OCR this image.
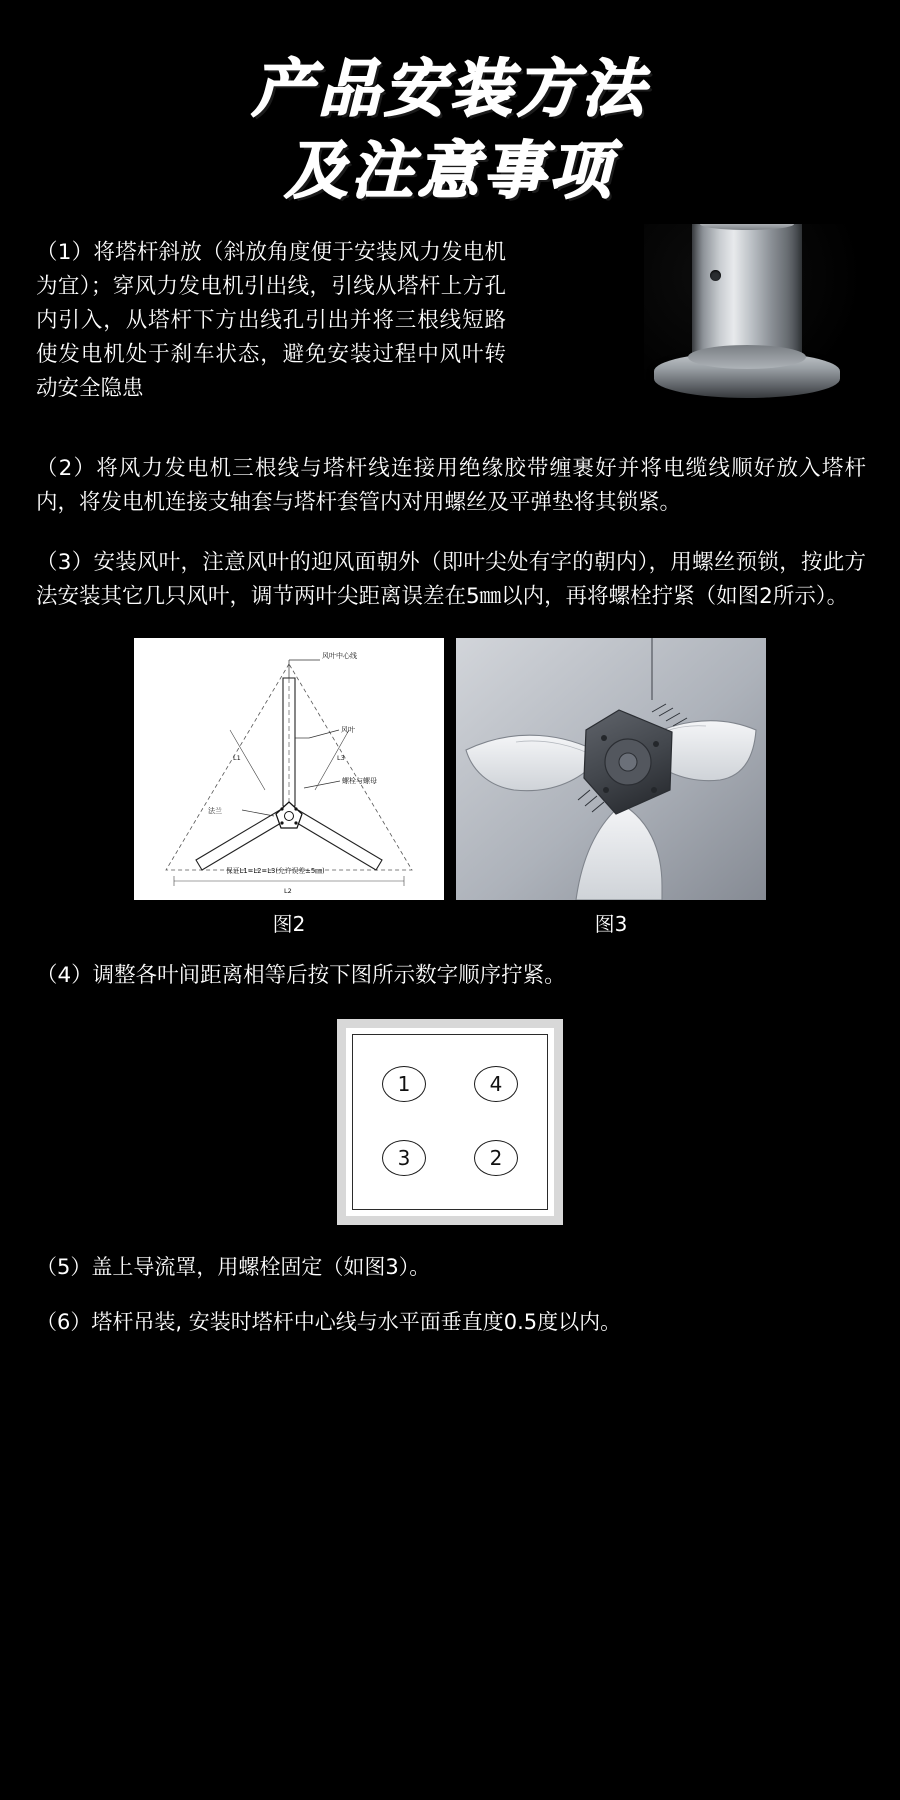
产品安装方法
及注意事项

（1）将塔杆斜放（斜放角度便于安装风力发电机为宜）；穿风力发电机引出线，引线从塔杆上方孔内引入，从塔杆下方出线孔引出并将三根线短路使发电机处于刹车状态，避免安装过程中风叶转动安全隐患

（2）将风力发电机三根线与塔杆线连接用绝缘胶带缠裹好并将电缆线顺好放入塔杆内，将发电机连接支轴套与塔杆套管内对用螺丝及平弹垫将其锁紧。

（3）安装风叶，注意风叶的迎风面朝外（即叶尖处有字的朝内），用螺丝预锁，按此方法安装其它几只风叶，调节两叶尖距离误差在5㎜以内，再将螺栓拧紧（如图2所示）。

风叶中心线
风叶
螺栓与螺母
法兰
L1	L3
L2
保证L1=L2=L3(允许误差±5㎜)
图2	图3

（4）调整各叶间距离相等后按下图所示数字顺序拧紧。

1	4
3	2

（5）盖上导流罩，用螺栓固定（如图3）。

（6）塔杆吊装, 安装时塔杆中心线与水平面垂直度0.5度以内。
